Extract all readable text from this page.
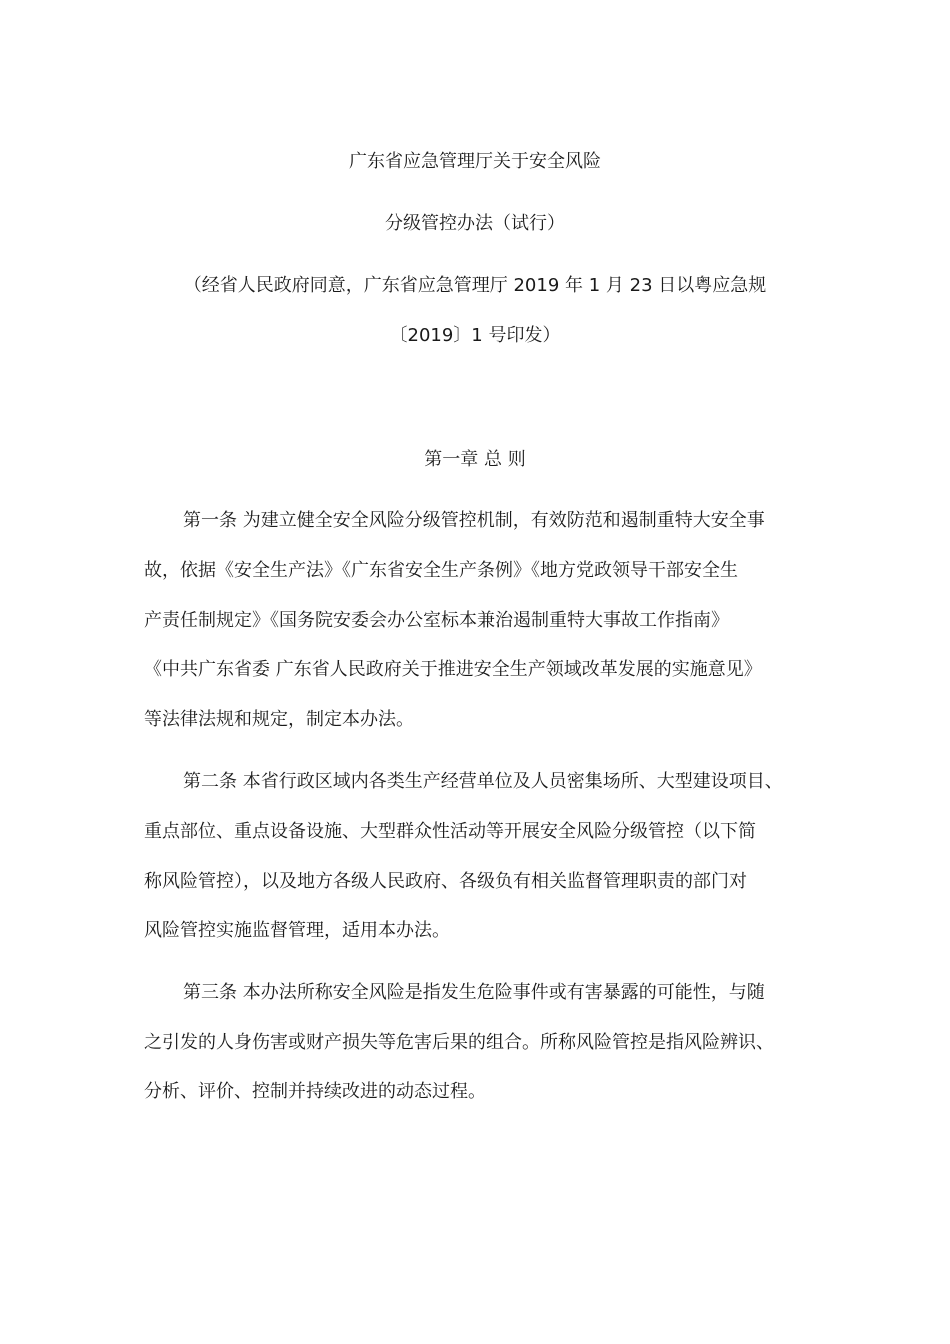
广东省应急管理厅关于安全风险
分级管控办法（试行）
（经省人民政府同意，广东省应急管理厅 2019 年 1 月 23 日以粤应急规
〔2019〕1 号印发）
第一章 总 则
第一条 为建立健全安全风险分级管控机制，有效防范和遏制重特大安全事
故，依据《安全生产法》《广东省安全生产条例》《地方党政领导干部安全生
产责任制规定》《国务院安委会办公室标本兼治遏制重特大事故工作指南》
《中共广东省委 广东省人民政府关于推进安全生产领域改革发展的实施意见》
等法律法规和规定，制定本办法。
第二条 本省行政区域内各类生产经营单位及人员密集场所、大型建设项目、
重点部位、重点设备设施、大型群众性活动等开展安全风险分级管控（以下简
称风险管控），以及地方各级人民政府、各级负有相关监督管理职责的部门对
风险管控实施监督管理，适用本办法。
第三条 本办法所称安全风险是指发生危险事件或有害暴露的可能性，与随
之引发的人身伤害或财产损失等危害后果的组合。所称风险管控是指风险辨识、
分析、评价、控制并持续改进的动态过程。
